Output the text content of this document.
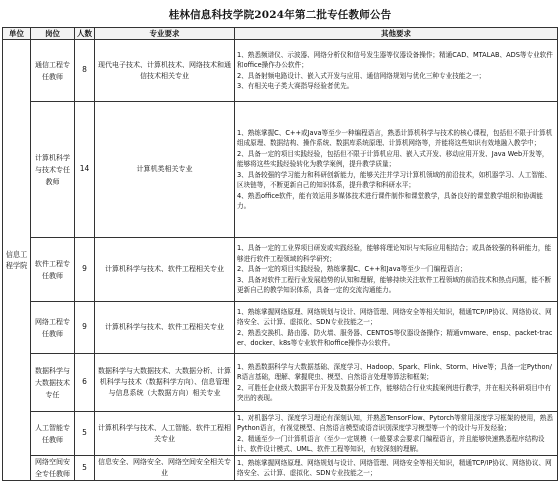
桂林信息科技学院2024年第二批专任教师公告
单位	岗位	人数	专业要求	其他要求
信息工程学院	通信工程专任教师	8	现代电子技术、计算机技术、网络技术和通信技术相关专业	1、熟悉频谱仪、示波器、网络分析仪和信号发生器等仪器设备操作；精通CAD、MTALAB、ADS等专业软件和office操作办公软件；
2、具备射频电路设计、嵌入式开发与应用、通信网络规划与优化三种专业技能之一；
3、有相关电子类大赛指导经验者优先。

	计算机科学与技术专任教师	14	计算机类相关专业	1、熟练掌握C、C++或Java等至少一种编程语言，熟悉计算机科学与技术的核心课程，包括但不限于计算机组成原理、数据结构、操作系统、数据库系统原理、计算机网络等，并能将这些知识有效地融入教学中；
2、具备一定的项目实践经验，包括但不限于计算机应用、嵌入式开发、移动应用开发、Java Web开发等，能够将这些实践经验转化为教学案例，提升教学质量；
3、具备较强的学习能力和科研创新能力，能够关注并学习计算机领域的前沿技术，如机器学习、人工智能、区块链等，不断更新自己的知识体系，提升教学和科研水平；
4、熟悉office软件，能有效运用多媒体技术进行课件制作和课堂教学，具备良好的课堂教学组织和协调能力。

	软件工程专任教师	9	计算机科学与技术、软件工程相关专业	1、具备一定的工业界项目研发或实践经验，能够将理论知识与实际应用相结合；或具备较强的科研能力，能够进行软件工程领域的科学研究；
2、具备一定的项目实践经验，熟练掌握C、C++和Java等至少一门编程语言；
3、具备对软件工程行业发展趋势的认知和理解，能够持续关注软件工程领域的前沿技术和热点问题，能不断更新自己的教学知识体系，具备一定的交流沟通能力。

	网络工程专任教师	9	计算机科学与技术、软件工程相关专业	1、熟练掌握网络原理、网络规划与设计、网络管理、网络安全等相关知识，精通TCP/IP协议、网络协议、网络安全、云计算、虚拟化、SDN专业技能之一；
2、熟悉交换机、路由器、防火墙、服务器、CENTOS等仪器设备操作；精通vmware、ensp、packet-tracer、docker、k8s等专业软件和office操作办公软件。

	数据科学与大数据技术专任	6	数据科学与大数据技术、大数据分析、计算机科学与技术（数据科学方向）、信息管理与信息系统（大数据方向）相关专业	1、熟悉数据科学与大数据基础、深度学习、Hadoop、Spark、Flink、Storm、Hive等；具备一定Python/R语言基础，理解、掌握爬虫、模型、自然语言处理等算法和框架；
2、可胜任企业级大数据平台开发及数据分析工作，能够结合行业实践案例进行教学，并在相关科研项目中有突出的表现。

	人工智能专任教师	5	计算机科学与技术、人工智能、软件工程相关专业	1、对机器学习、深度学习理论有深刻认知，并熟悉TensorFlow、Pytorch等常用深度学习框架的使用，熟悉Python语言，有视觉模型、自然语言模型或语音识别深度学习模型等一个的设计与开发经验；
2、精通至少一门计算机语言（至少一定规模（一般要求会要求门编程语言，并且能够快速熟悉程序结构设计、软件设计模式、UML、软件工程等知识，有较深刻的理解。

	网络空间安全专任教师	5	信息安全、网络安全、网络空间安全相关专业	1、熟练掌握网络原理、网络规划与设计、网络管理、网络安全等相关知识，精通TCP/IP协议、网络协议、网络安全、云计算、虚拟化、SDN专业技能之一；
